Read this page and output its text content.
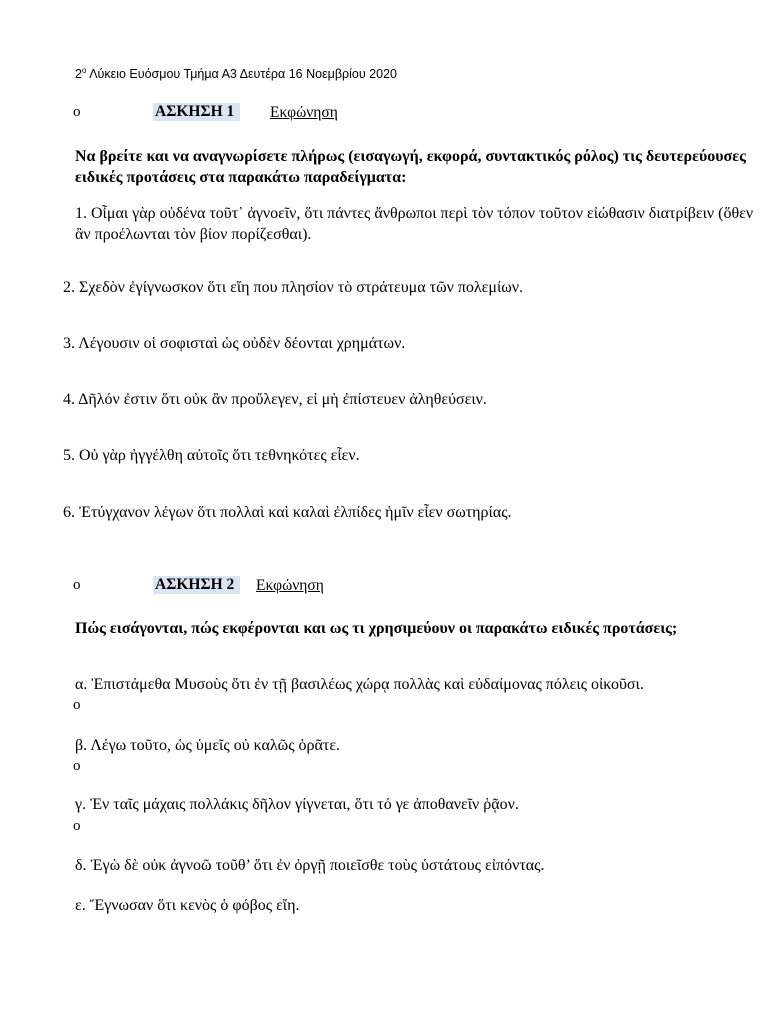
$2^o$ Λύκειο Ευόσμου Τμήμα Α3 Δευτέρα 16 Νοεμβρίου 2020
o	ΑΣΚΗΣΗ 1	Εκφώνηση
Να βρείτε και να αναγνωρίσετε πλήρως (εισαγωγή, εκφορά, συντακτικός ρόλος) τις δευτερεύουσες ειδικές προτάσεις στα παρακάτω παραδείγματα:
1. Οἶμαι γὰρ οὐδένα τοῦτ᾽ ἀγνοεῖν, ὅτι πάντες ἄνθρωποι περὶ τὸν τόπον τοῦτον εἰώθασιν διατρίβειν (ὅθεν ἂν προέλωνται τὸν βίον πορίζεσθαι).
2. Σχεδὸν ἐγίγνωσκον ὅτι εἴη που πλησίον τὸ στράτευμα τῶν πολεμίων.
3. Λέγουσιν οἱ σοφισταὶ ὡς οὐδὲν δέονται χρημάτων.
4. Δῆλόν ἐστιν ὅτι οὐκ ἂν προὔλεγεν, εἰ μὴ ἐπίστευεν ἀληθεύσειν.
5. Οὐ γὰρ ἠγγέλθη αὐτοῖς ὅτι τεθνηκότες εἶεν.
6. Ἐτύγχανον λέγων ὅτι πολλαὶ καὶ καλαὶ ἐλπίδες ἡμῖν εἶεν σωτηρίας.
o	ΑΣΚΗΣΗ 2	Εκφώνηση
Πώς εισάγονται, πώς εκφέρονται και ως τι χρησιμεύουν οι παρακάτω ειδικές προτάσεις;
α. Ἐπιστάμεθα Μυσοὺς ὅτι ἐν τῇ βασιλέως χώρᾳ πολλὰς καὶ εὐδαίμονας πόλεις οἰκοῦσι.
o
β. Λέγω τοῦτο, ὡς ὑμεῖς οὐ καλῶς ὁρᾶτε.
o
γ. Ἐν ταῖς μάχαις πολλάκις δῆλον γίγνεται, ὅτι τό γε ἀποθανεῖν ῥᾷον.
o
δ. Ἐγὼ δὲ οὐκ ἀγνοῶ τοῦθ’ ὅτι ἐν ὀργῇ ποιεῖσθε τοὺς ὑστάτους εἰπόντας.
ε. Ἔγνωσαν ὅτι κενὸς ὁ φόβος εἴη.
